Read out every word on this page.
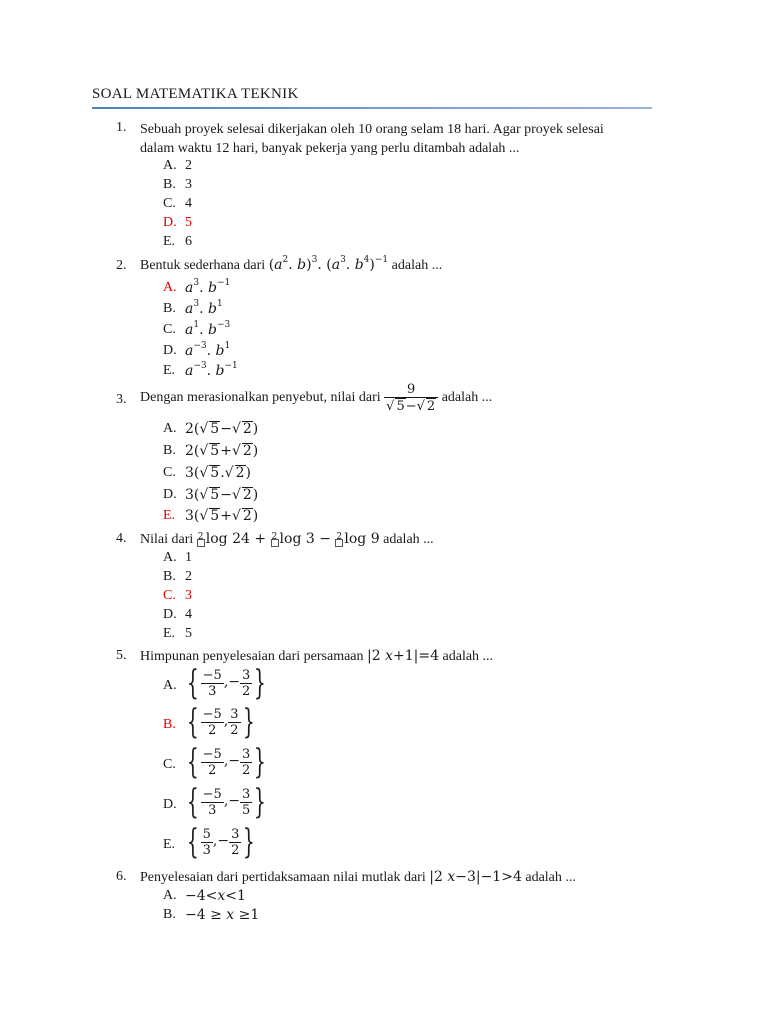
SOAL MATEMATIKA TEKNIK
1. Sebuah proyek selesai dikerjakan oleh 10 orang selam 18 hari. Agar proyek selesai
dalam waktu 12 hari, banyak pekerja yang perlu ditambah adalah ...
A. 2
B. 3
C. 4
D. 5
E. 6
2. Bentuk sederhana dari ($a^2$. b)$^3$. ($a^3$. $b^4)^{-1}$ adalah ...
A. $a^3$. $b^{-1}$
B. $a^3$. $b^1$
C. $a^1$. $b^{-3}$
D. $a^{-3}$. $b^1$
E. $a^{-3}$. $b^{-1}$
3. Dengan merasionalkan penyebut, nilai dari $\frac{9}{√ 5-√ 2}$ adalah ...
A. 2(√ 5−√ 2)
B. 2(√ 5+√ 2)
C. 3(√ 5.√ 2)
D. 3(√ 5−√ 2)
E. 3(√ 5+√ 2)
4. Nilai dari 2 log 24 + 2 log 3 − 2 log 9 adalah ...
A. 1
B. 2
C. 3
D. 4
E. 5
5. Himpunan penyelesaian dari persamaan |2 x+1|=4 adalah ...
A. { $\frac{-5}{3}$ ,− $\frac{3}{2}$ }
B. { $\frac{-5}{2}$ , $\frac{3}{2}$ }
C. { $\frac{-5}{2}$ ,− $\frac{3}{2}$ }
D. { $\frac{-5}{3}$ ,− $\frac{3}{5}$ }
E. { $\frac{5}{3}$ ,− $\frac{3}{2}$ }
6. Penyelesaian dari pertidaksamaan nilai mutlak dari |2 x−3|−1>4 adalah ...
A. −4<x<1
B. −4 ≥ x ≥1
